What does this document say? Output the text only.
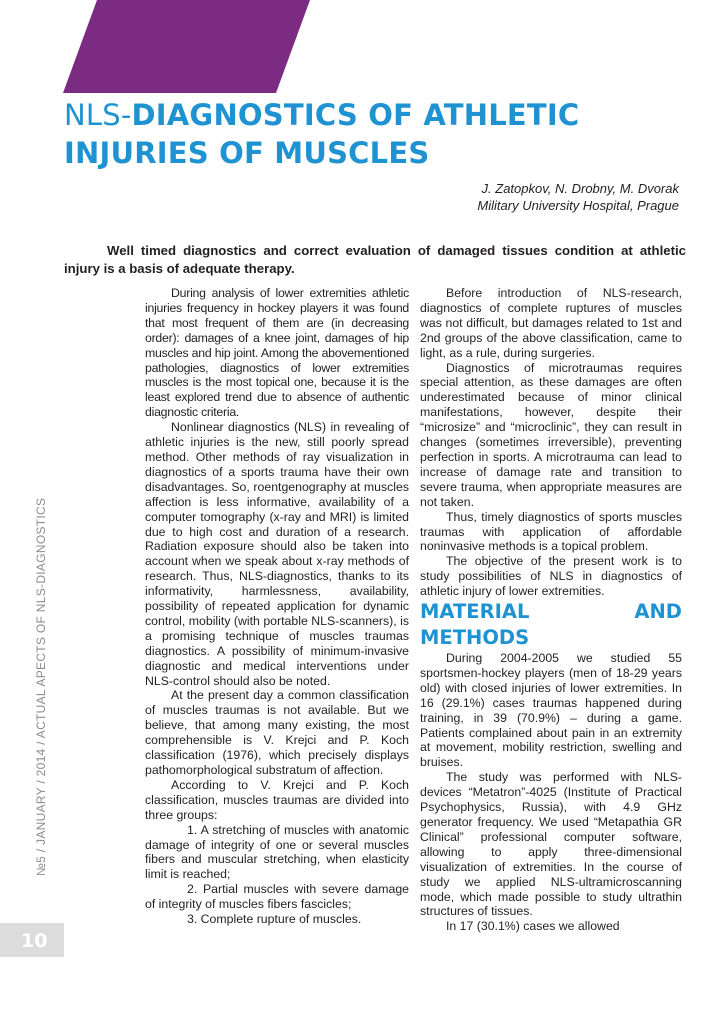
NLS-DIAGNOSTICS OF ATHLETIC INJURIES OF MUSCLES
J. Zatopkov, N. Drobny, M. Dvorak
Military University Hospital, Prague

Well timed diagnostics and correct evaluation of damaged tissues condition at athletic injury is a basis of adequate therapy.

№5 / JANUARY / 2014 / ACTUAL APECTS OF NLS-DIAGNOSTICS
10

During analysis of lower extremities athletic injuries frequency in hockey players it was found that most frequent of them are (in decreasing order): damages of a knee joint, damages of hip muscles and hip joint. Among the abovementioned pathologies, diagnostics of lower extremities muscles is the most topical one, because it is the least explored trend due to absence of authentic diagnostic criteria.

Nonlinear diagnostics (NLS) in revealing of athletic injuries is the new, still poorly spread method. Other methods of ray visualization in diagnostics of a sports trauma have their own disadvantages. So, roentgenography at muscles affection is less informative, availability of a computer tomography (x-ray and MRI) is limited due to high cost and duration of a research. Radiation exposure should also be taken into account when we speak about x-ray methods of research. Thus, NLS-diagnostics, thanks to its informativity, harmlessness, availability, possibility of repeated application for dynamic control, mobility (with portable NLS-scanners), is a promising technique of muscles traumas diagnostics. A possibility of minimum-invasive diagnostic and medical interventions under NLS-control should also be noted.

At the present day a common classification of muscles traumas is not available. But we believe, that among many existing, the most comprehensible is V. Krejci and P. Koch classification (1976), which precisely displays pathomorphological substratum of affection.

According to V. Krejci and P. Koch classification, muscles traumas are divided into three groups:

1. A stretching of muscles with anatomic damage of integrity of one or several muscles fibers and muscular stretching, when elasticity limit is reached;

2. Partial muscles with severe damage of integrity of muscles fibers fascicles;

3. Complete rupture of muscles.

Before introduction of NLS-research, diagnostics of complete ruptures of muscles was not difficult, but damages related to 1st and 2nd groups of the above classification, came to light, as a rule, during surgeries.

Diagnostics of microtraumas requires special attention, as these damages are often underestimated because of minor clinical manifestations, however, despite their “microsize” and “microclinic”, they can result in changes (sometimes irreversible), preventing perfection in sports. A microtrauma can lead to increase of damage rate and transition to severe trauma, when appropriate measures are not taken.

Thus, timely diagnostics of sports muscles traumas with application of affordable noninvasive methods is a topical problem.

The objective of the present work is to study possibilities of NLS in diagnostics of athletic injury of lower extremities.

MATERIAL AND METHODS

During 2004-2005 we studied 55 sportsmen-hockey players (men of 18-29 years old) with closed injuries of lower extremities. In 16 (29.1%) cases traumas happened during training, in 39 (70.9%) – during a game. Patients complained about pain in an extremity at movement, mobility restriction, swelling and bruises.

The study was performed with NLS-devices “Metatron”-4025 (Institute of Practical Psychophysics, Russia), with 4.9 GHz generator frequency. We used “Metapathia GR Clinical” professional computer software, allowing to apply three-dimensional visualization of extremities. In the course of study we applied NLS-ultramicroscanning mode, which made possible to study ultrathin structures of tissues.

In 17 (30.1%) cases we allowed
